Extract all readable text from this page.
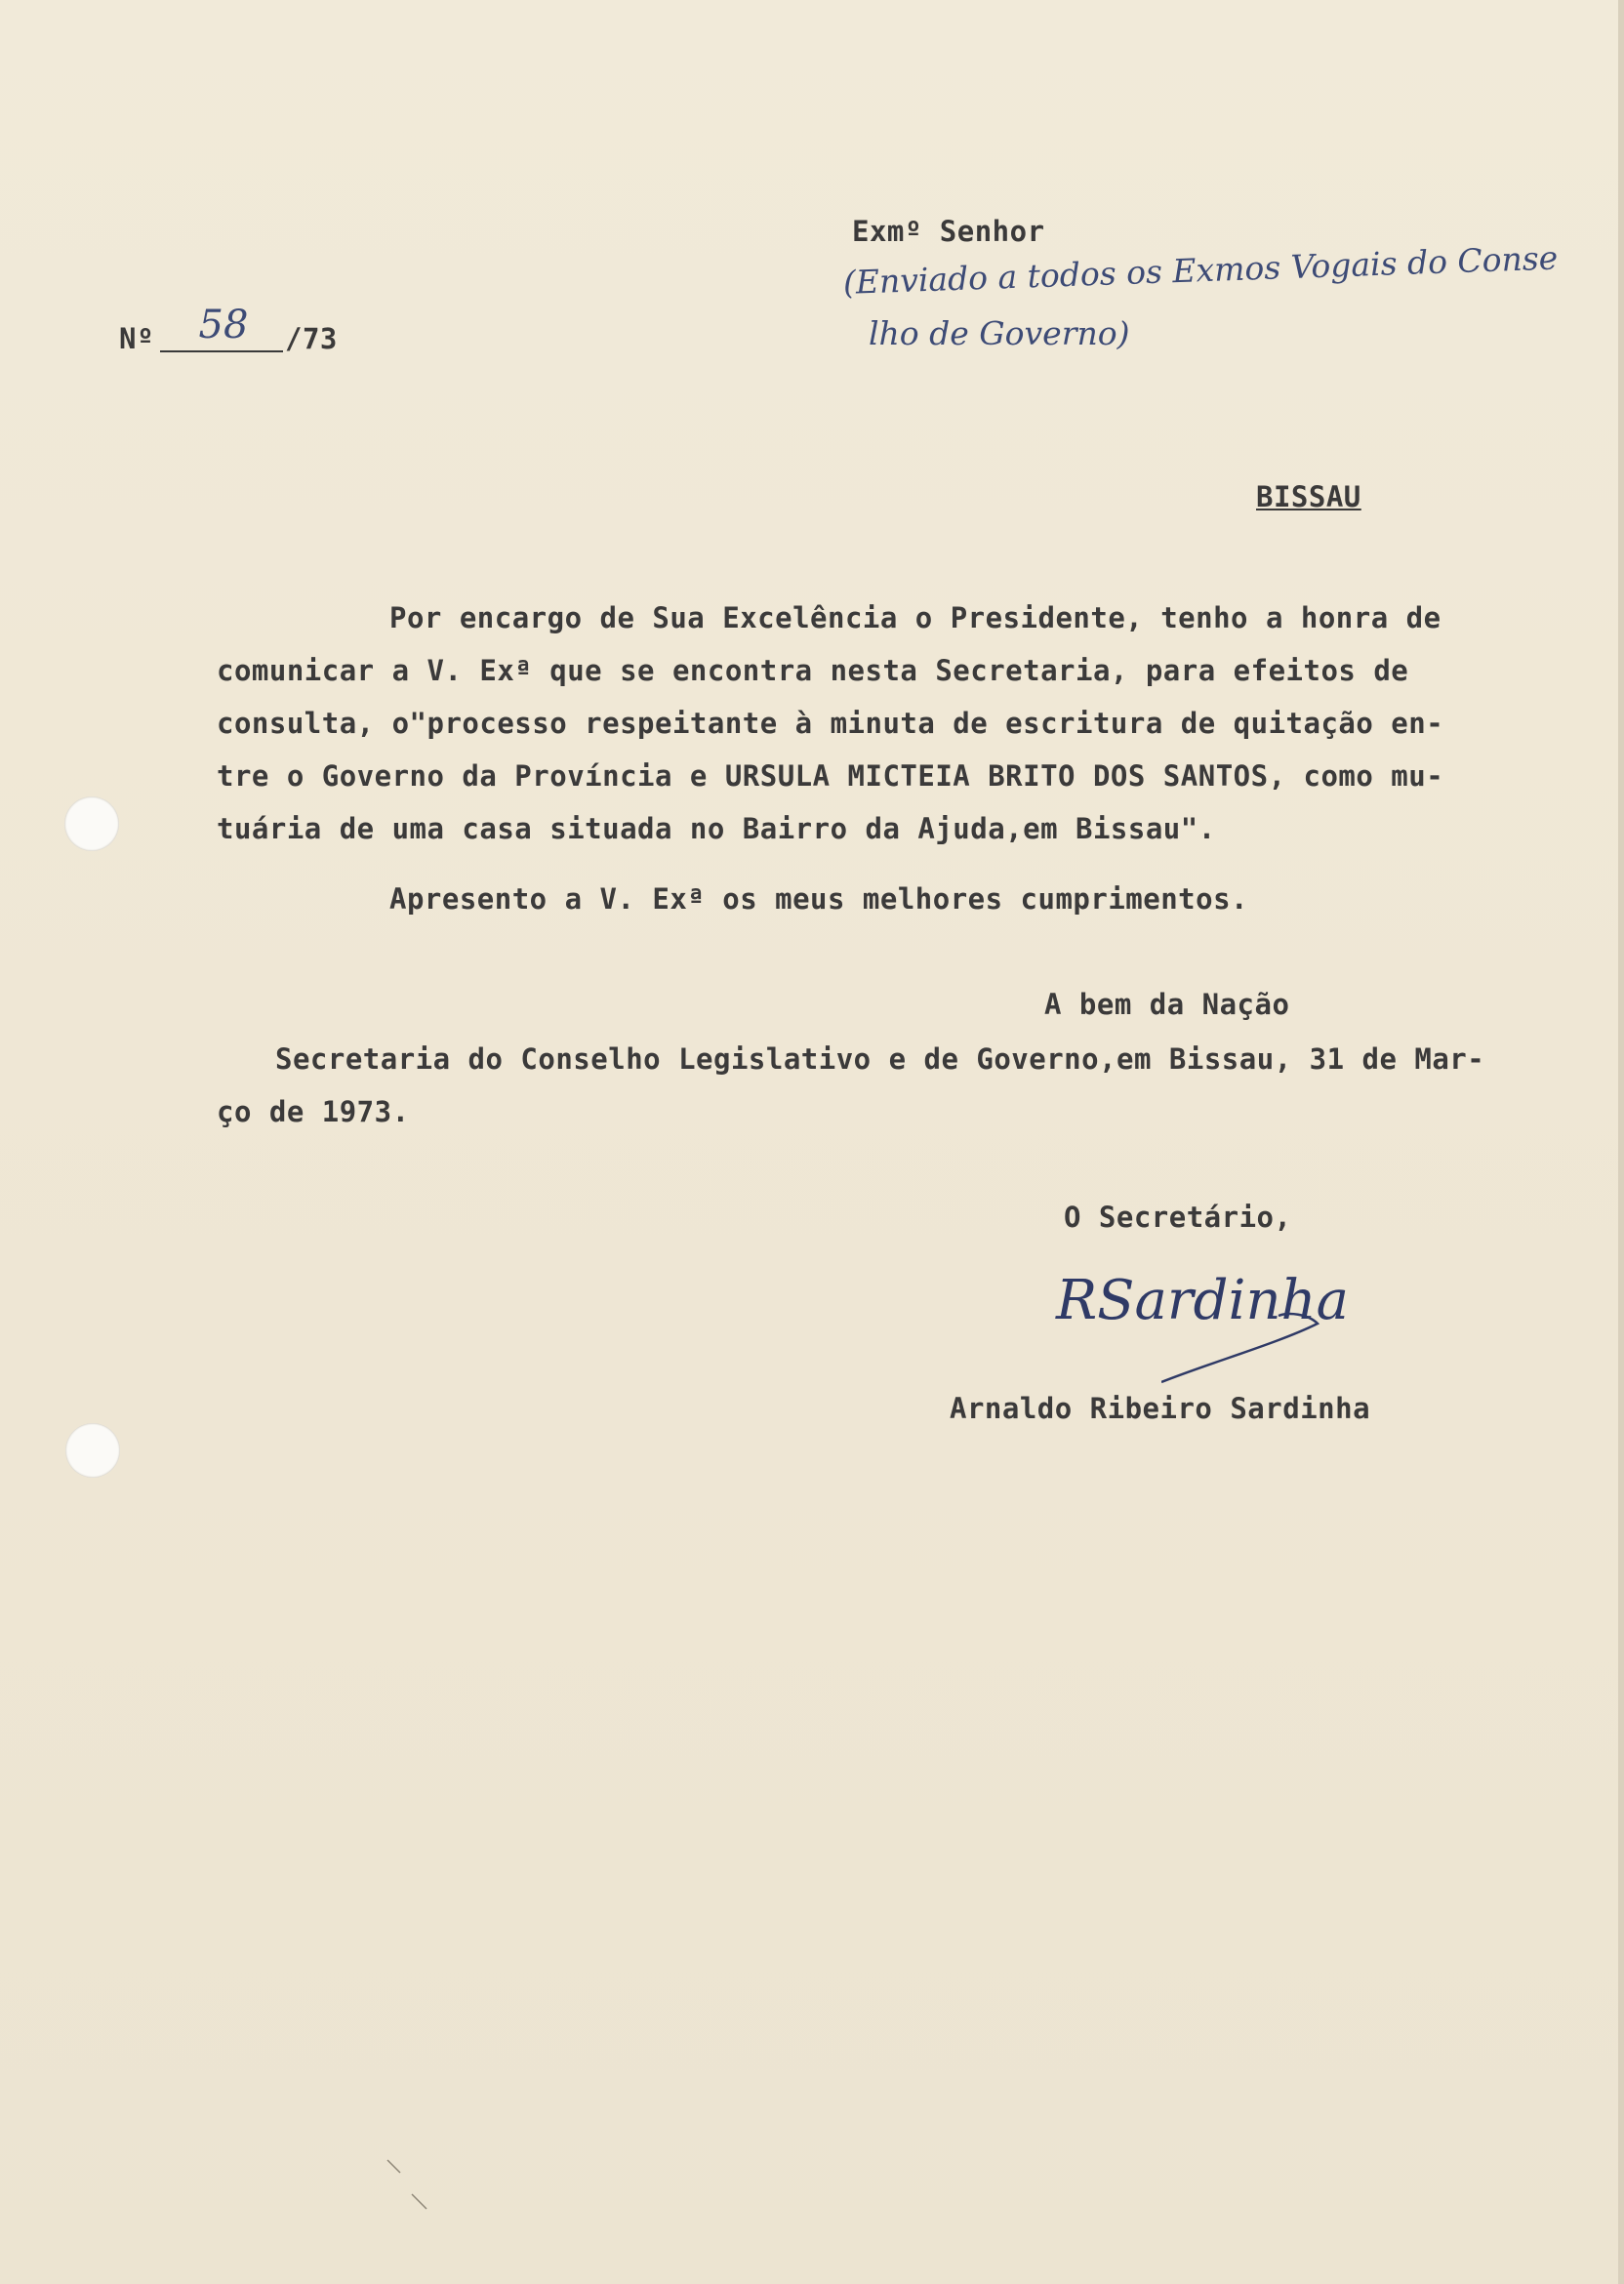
Nº	58	/73

Exmº Senhor

(Enviado a todos os Exmos Vogais do Conse

lho de Governo)

BISSAU

Por encargo de Sua Excelência o Presidente, tenho a honra de

comunicar a V. Exª que se encontra nesta Secretaria, para efeitos de

consulta, o"processo respeitante à minuta de escritura de quitação en-

tre o Governo da Província e URSULA MICTEIA BRITO DOS SANTOS, como mu-

tuária de uma casa situada no Bairro da Ajuda,em Bissau".

Apresento a V. Exª os meus melhores cumprimentos.

A bem da Nação

Secretaria do Conselho Legislativo e de Governo,em Bissau, 31 de Mar-

ço de 1973.

O Secretário,

RSardinha

Arnaldo Ribeiro Sardinha
